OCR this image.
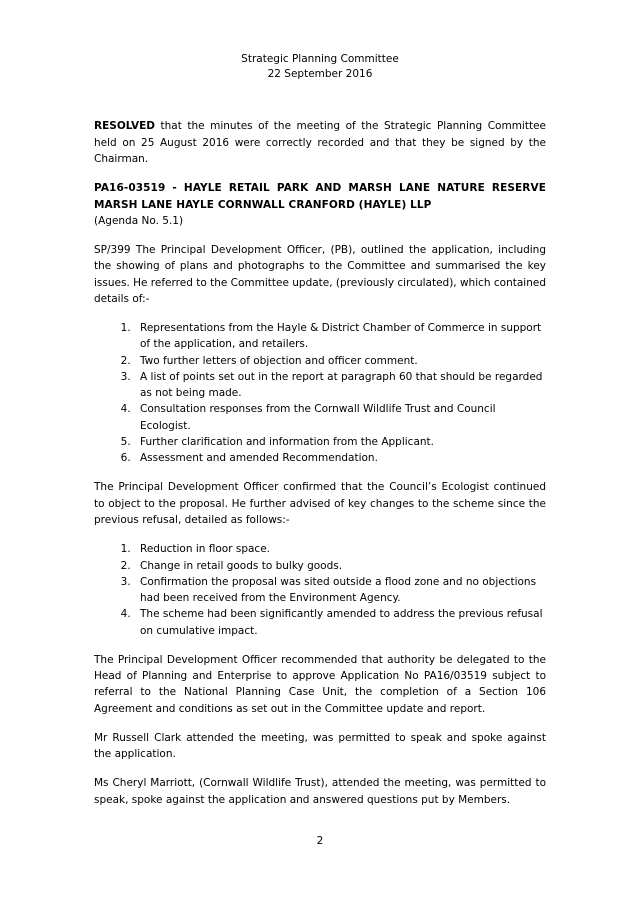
Strategic Planning Committee
22 September 2016

RESOLVED that the minutes of the meeting of the Strategic Planning Committee held on 25 August 2016 were correctly recorded and that they be signed by the Chairman.

PA16-03519 - HAYLE RETAIL PARK AND MARSH LANE NATURE RESERVE MARSH LANE HAYLE CORNWALL CRANFORD (HAYLE) LLP

(Agenda No. 5.1)

SP/399 The Principal Development Officer, (PB), outlined the application, including the showing of plans and photographs to the Committee and summarised the key issues. He referred to the Committee update, (previously circulated), which contained details of:-

1. Representations from the Hayle & District Chamber of Commerce in support of the application, and retailers.
2. Two further letters of objection and officer comment.
3. A list of points set out in the report at paragraph 60 that should be regarded as not being made.
4. Consultation responses from the Cornwall Wildlife Trust and Council Ecologist.
5. Further clarification and information from the Applicant.
6. Assessment and amended Recommendation.

The Principal Development Officer confirmed that the Council’s Ecologist continued to object to the proposal. He further advised of key changes to the scheme since the previous refusal, detailed as follows:-

1. Reduction in floor space.
2. Change in retail goods to bulky goods.
3. Confirmation the proposal was sited outside a flood zone and no objections had been received from the Environment Agency.
4. The scheme had been significantly amended to address the previous refusal on cumulative impact.

The Principal Development Officer recommended that authority be delegated to the Head of Planning and Enterprise to approve Application No PA16/03519 subject to referral to the National Planning Case Unit, the completion of a Section 106 Agreement and conditions as set out in the Committee update and report.

Mr Russell Clark attended the meeting, was permitted to speak and spoke against the application.

Ms Cheryl Marriott, (Cornwall Wildlife Trust), attended the meeting, was permitted to speak, spoke against the application and answered questions put by Members.

2
